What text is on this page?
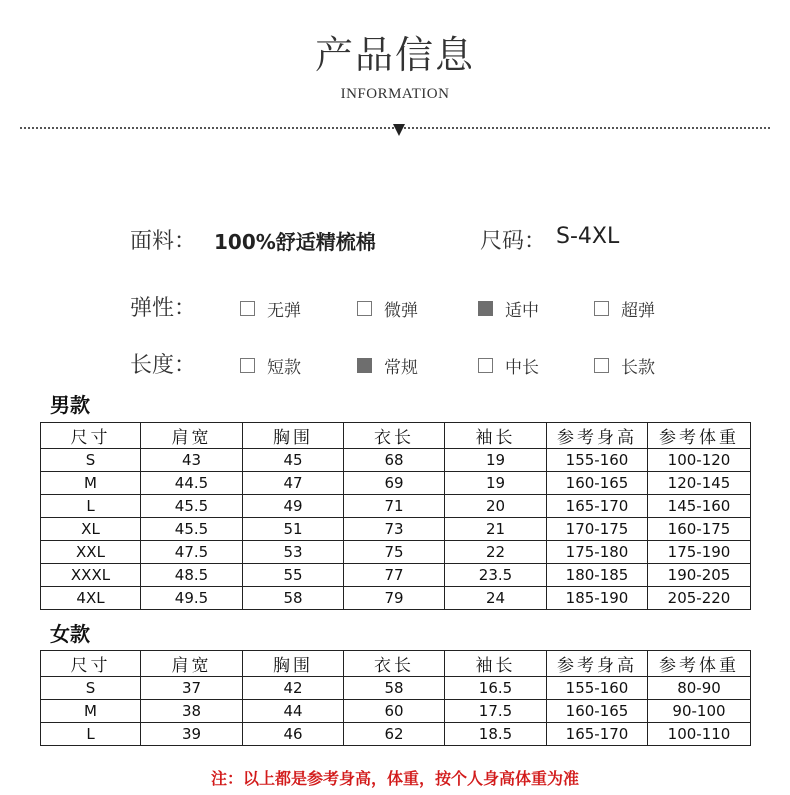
产品信息
INFORMATION
面料： 100%舒适精梳棉	尺码： S-4XL
弹性：	无弹	微弹	适中	超弹
长度：	短款	常规	中长	长款
男款
尺寸	肩宽	胸围	衣长	袖长	参考身高	参考体重
S	43	45	68	19	155-160	100-120
M	44.5	47	69	19	160-165	120-145
L	45.5	49	71	20	165-170	145-160
XL	45.5	51	73	21	170-175	160-175
XXL	47.5	53	75	22	175-180	175-190
XXXL	48.5	55	77	23.5	180-185	190-205
4XL	49.5	58	79	24	185-190	205-220
女款
尺寸	肩宽	胸围	衣长	袖长	参考身高	参考体重
S	37	42	58	16.5	155-160	80-90
M	38	44	60	17.5	160-165	90-100
L	39	46	62	18.5	165-170	100-110
注：以上都是参考身高，体重，按个人身高体重为准
